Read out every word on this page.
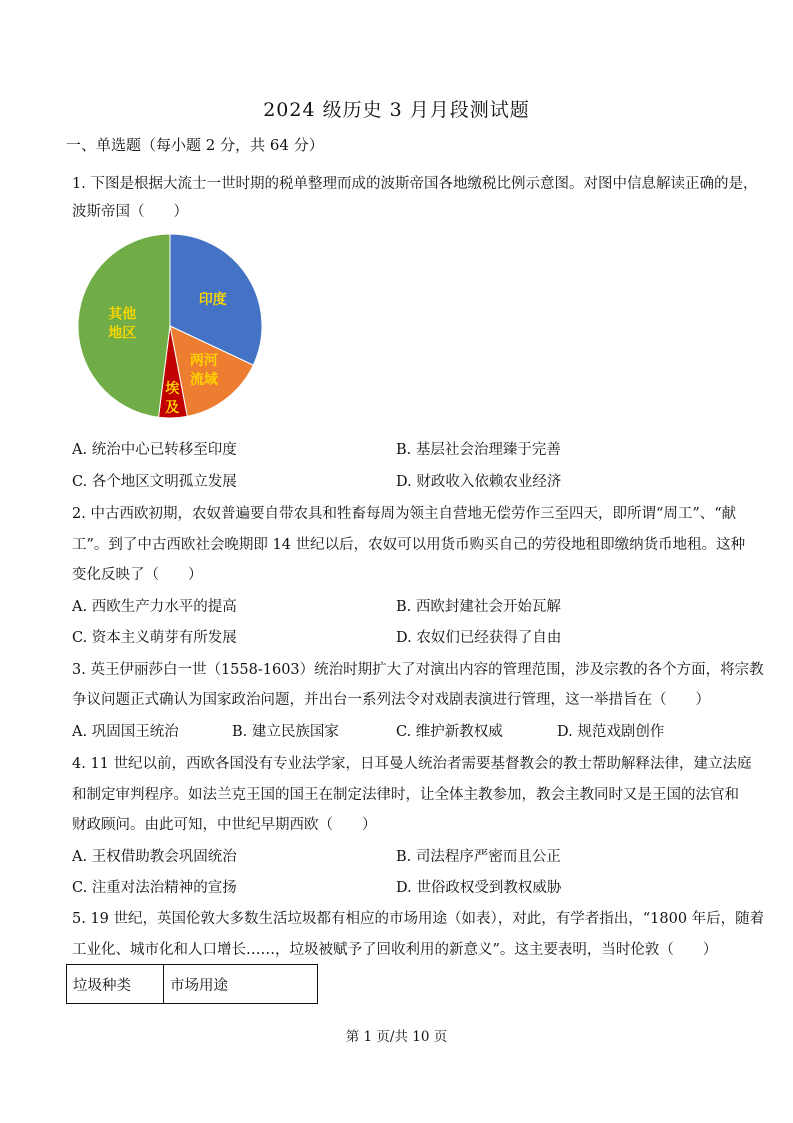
2024 级历史 3 月月段测试题
一、单选题（每小题 2 分，共 64 分）
1. 下图是根据大流士一世时期的税单整理而成的波斯帝国各地缴税比例示意图。对图中信息解读正确的是，
波斯帝国（　　）
印度
两河流域
埃及
其他地区
A. 统治中心已转移至印度	B. 基层社会治理臻于完善
C. 各个地区文明孤立发展	D. 财政收入依赖农业经济
2. 中古西欧初期，农奴普遍要自带农具和牲畜每周为领主自营地无偿劳作三至四天，即所谓“周工”、“献
工”。到了中古西欧社会晚期即 14 世纪以后，农奴可以用货币购买自己的劳役地租即缴纳货币地租。这种
变化反映了（　　）
A. 西欧生产力水平的提高	B. 西欧封建社会开始瓦解
C. 资本主义萌芽有所发展	D. 农奴们已经获得了自由
3. 英王伊丽莎白一世（1558-1603）统治时期扩大了对演出内容的管理范围，涉及宗教的各个方面，将宗教
争议问题正式确认为国家政治问题，并出台一系列法令对戏剧表演进行管理，这一举措旨在（　　）
A. 巩固国王统治	B. 建立民族国家	C. 维护新教权威	D. 规范戏剧创作
4. 11 世纪以前，西欧各国没有专业法学家，日耳曼人统治者需要基督教会的教士帮助解释法律，建立法庭
和制定审判程序。如法兰克王国的国王在制定法律时，让全体主教参加，教会主教同时又是王国的法官和
财政顾问。由此可知，中世纪早期西欧（　　）
A. 王权借助教会巩固统治	B. 司法程序严密而且公正
C. 注重对法治精神的宣扬	D. 世俗政权受到教权威胁
5. 19 世纪，英国伦敦大多数生活垃圾都有相应的市场用途（如表），对此，有学者指出，“1800 年后，随着
工业化、城市化和人口增长……，垃圾被赋予了回收利用的新意义”。这主要表明，当时伦敦（　　）
垃圾种类	市场用途
第 1 页/共 10 页
